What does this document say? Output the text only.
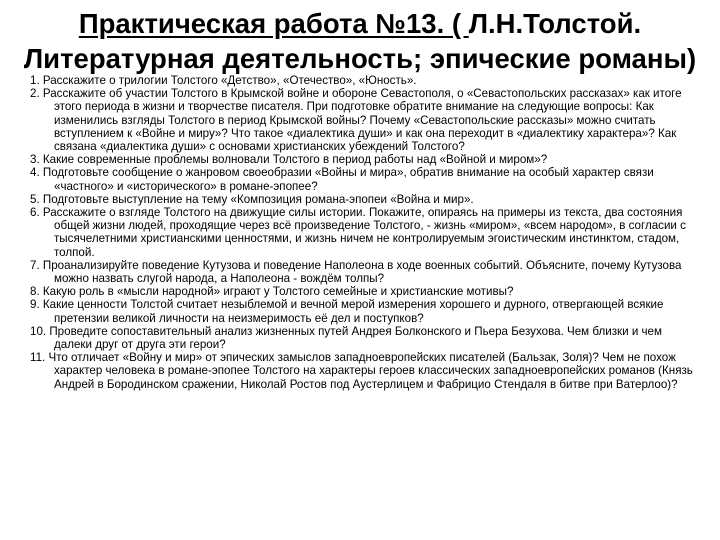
Практическая работа №13. ( Л.Н.Толстой.
Литературная деятельность; эпические романы)
1. Расскажите о трилогии Толстого «Детство», «Отечество», «Юность».
2. Расскажите об участии Толстого в Крымской войне и обороне Севастополя, о «Севастопольских рассказах» как итоге этого периода в жизни и творчестве писателя. При подготовке обратите внимание на следующие вопросы: Как изменились взгляды Толстого в период Крымской войны? Почему «Севастопольские рассказы» можно считать вступлением к «Войне и миру»? Что такое «диалектика души» и как она переходит в «диалектику характера»? Как связана «диалектика души» с основами христианских убеждений Толстого?
3. Какие современные проблемы волновали Толстого в период работы над «Войной и миром»?
4. Подготовьте сообщение о жанровом своеобразии «Войны и мира», обратив внимание на особый характер связи «частного» и «исторического» в романе-эпопее?
5. Подготовьте выступление на тему «Композиция романа-эпопеи «Война и мир».
6. Расскажите о взгляде Толстого на движущие силы истории. Покажите, опираясь на примеры из текста, два состояния общей жизни людей, проходящие через всё произведение Толстого, - жизнь «миром», «всем народом», в согласии с тысячелетними христианскими ценностями, и жизнь ничем не контролируемым эгоистическим инстинктом, стадом, толпой.
7. Проанализируйте поведение Кутузова и поведение Наполеона в ходе военных событий. Объясните, почему Кутузова можно назвать слугой народа, а Наполеона - вождём толпы?
8. Какую роль в «мысли народной» играют у Толстого семейные и христианские мотивы?
9. Какие ценности Толстой считает незыблемой и вечной мерой измерения хорошего и дурного, отвергающей всякие претензии великой личности на неизмеримость её дел и поступков?
10. Проведите сопоставительный анализ жизненных путей Андрея Болконского и Пьера Безухова. Чем близки и чем далеки друг от друга эти герои?
11. Что отличает «Войну и мир» от эпических замыслов западноевропейских писателей (Бальзак, Золя)? Чем не похож характер человека в романе-эпопее Толстого на характеры героев классических западноевропейских романов (Князь Андрей в Бородинском сражении, Николай Ростов под Аустерлицем и Фабрицио Стендаля в битве при Ватерлоо)?
